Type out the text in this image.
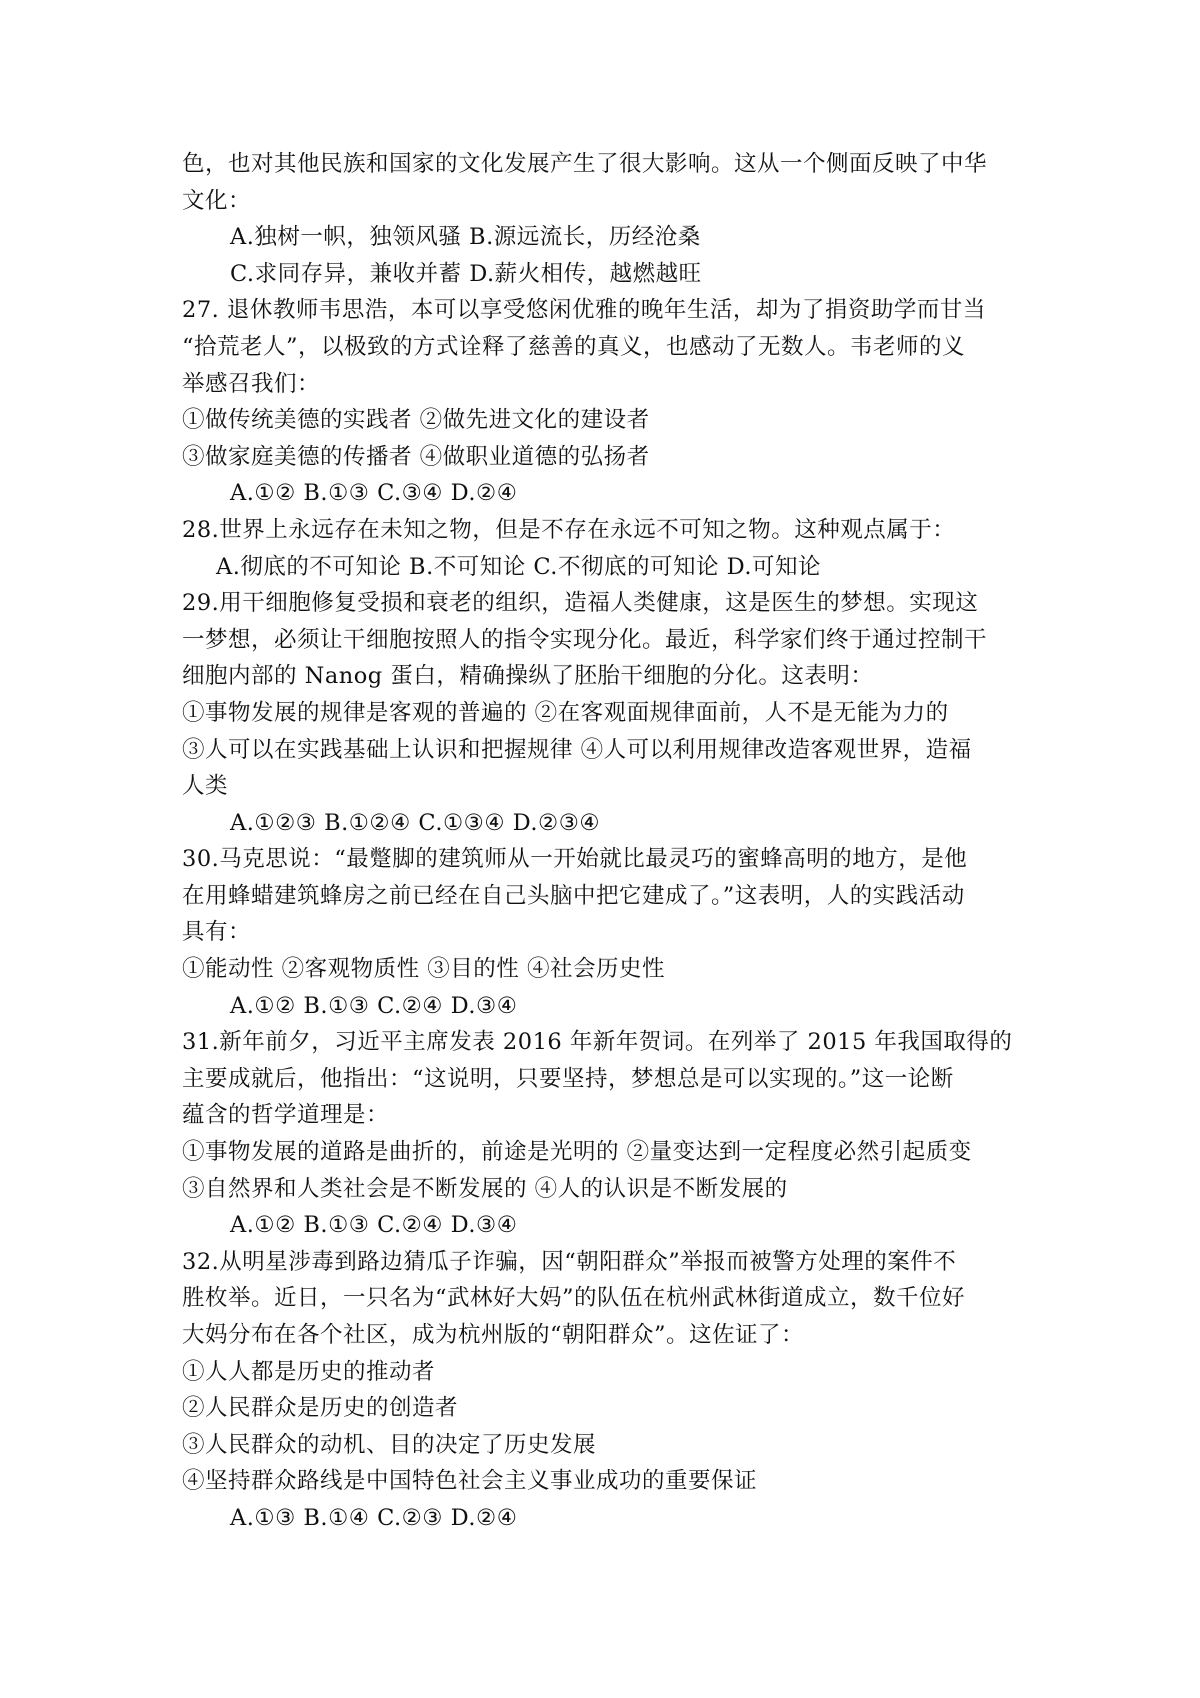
色，也对其他民族和国家的文化发展产生了很大影响。这从一个侧面反映了中华
文化：
A.独树一帜，独领风骚 B.源远流长，历经沧桑
C.求同存异，兼收并蓄 D.薪火相传，越燃越旺
27. 退休教师韦思浩，本可以享受悠闲优雅的晚年生活，却为了捐资助学而甘当
“拾荒老人”，以极致的方式诠释了慈善的真义，也感动了无数人。韦老师的义
举感召我们：
①做传统美德的实践者 ②做先进文化的建设者
③做家庭美德的传播者 ④做职业道德的弘扬者
A.①② B.①③ C.③④ D.②④
28.世界上永远存在未知之物，但是不存在永远不可知之物。这种观点属于：
A.彻底的不可知论 B.不可知论 C.不彻底的可知论 D.可知论
29.用干细胞修复受损和衰老的组织，造福人类健康，这是医生的梦想。实现这
一梦想，必须让干细胞按照人的指令实现分化。最近，科学家们终于通过控制干
细胞内部的 Nanog 蛋白，精确操纵了胚胎干细胞的分化。这表明：
①事物发展的规律是客观的普遍的 ②在客观面规律面前，人不是无能为力的
③人可以在实践基础上认识和把握规律 ④人可以利用规律改造客观世界，造福
人类
A.①②③ B.①②④ C.①③④ D.②③④
30.马克思说：“最蹩脚的建筑师从一开始就比最灵巧的蜜蜂高明的地方，是他
在用蜂蜡建筑蜂房之前已经在自己头脑中把它建成了。”这表明，人的实践活动
具有：
①能动性 ②客观物质性 ③目的性 ④社会历史性
A.①② B.①③ C.②④ D.③④
31.新年前夕，习近平主席发表 2016 年新年贺词。在列举了 2015 年我国取得的
主要成就后，他指出：“这说明，只要坚持，梦想总是可以实现的。”这一论断
蕴含的哲学道理是：
①事物发展的道路是曲折的，前途是光明的 ②量变达到一定程度必然引起质变
③自然界和人类社会是不断发展的 ④人的认识是不断发展的
A.①② B.①③ C.②④ D.③④
32.从明星涉毒到路边猜瓜子诈骗，因“朝阳群众”举报而被警方处理的案件不
胜枚举。近日，一只名为“武林好大妈”的队伍在杭州武林街道成立，数千位好
大妈分布在各个社区，成为杭州版的“朝阳群众”。这佐证了：
①人人都是历史的推动者
②人民群众是历史的创造者
③人民群众的动机、目的决定了历史发展
④坚持群众路线是中国特色社会主义事业成功的重要保证
A.①③ B.①④ C.②③ D.②④
